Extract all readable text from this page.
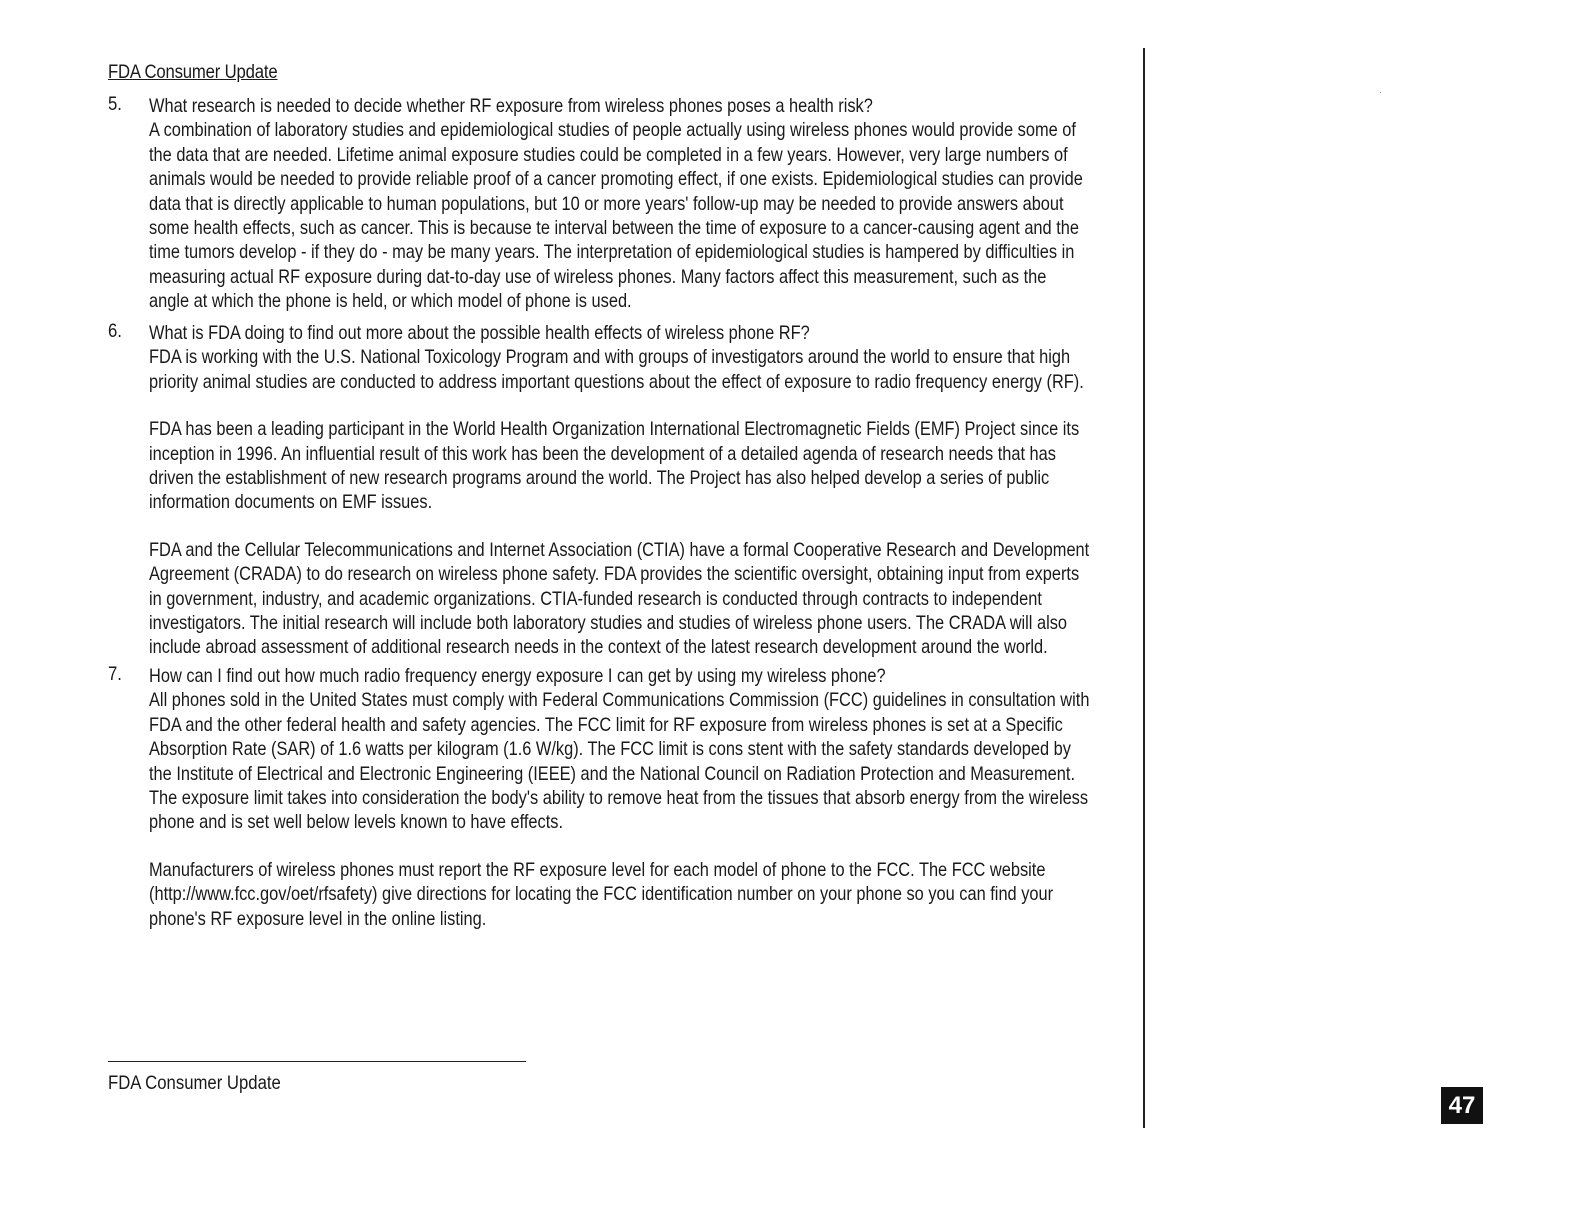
FDA Consumer Update
5. What research is needed to decide whether RF exposure from wireless phones poses a health risk?

A combination of laboratory studies and epidemiological studies of people actually using wireless phones would provide some of the data that are needed. Lifetime animal exposure studies could be completed in a few years. However, very large numbers of animals would be needed to provide reliable proof of a cancer promoting effect, if one exists. Epidemiological studies can provide data that is directly applicable to human populations, but 10 or more years' follow-up may be needed to provide answers about some health effects, such as cancer. This is because te interval between the time of exposure to a cancer-causing agent and the time tumors develop - if they do - may be many years. The interpretation of epidemiological studies is hampered by difficulties in measuring actual RF exposure during dat-to-day use of wireless phones. Many factors affect this measurement, such as the angle at which the phone is held, or which model of phone is used.

6. What is FDA doing to find out more about the possible health effects of wireless phone RF?

FDA is working with the U.S. National Toxicology Program and with groups of investigators around the world to ensure that high priority animal studies are conducted to address important questions about the effect of exposure to radio frequency energy (RF).

FDA has been a leading participant in the World Health Organization International Electromagnetic Fields (EMF) Project since its inception in 1996. An influential result of this work has been the development of a detailed agenda of research needs that has driven the establishment of new research programs around the world. The Project has also helped develop a series of public information documents on EMF issues.

FDA and the Cellular Telecommunications and Internet Association (CTIA) have a formal Cooperative Research and Development Agreement (CRADA) to do research on wireless phone safety. FDA provides the scientific oversight, obtaining input from experts in government, industry, and academic organizations. CTIA-funded research is conducted through contracts to independent investigators. The initial research will include both laboratory studies and studies of wireless phone users. The CRADA will also include abroad assessment of additional research needs in the context of the latest research development around the world.

7. How can I find out how much radio frequency energy exposure I can get by using my wireless phone?

All phones sold in the United States must comply with Federal Communications Commission (FCC) guidelines in consultation with FDA and the other federal health and safety agencies. The FCC limit for RF exposure from wireless phones is set at a Specific Absorption Rate (SAR) of 1.6 watts per kilogram (1.6 W/kg). The FCC limit is cons stent with the safety standards developed by the Institute of Electrical and Electronic Engineering (IEEE) and the National Council on Radiation Protection and Measurement. The exposure limit takes into consideration the body's ability to remove heat from the tissues that absorb energy from the wireless phone and is set well below levels known to have effects.

Manufacturers of wireless phones must report the RF exposure level for each model of phone to the FCC. The FCC website (http://www.fcc.gov/oet/rfsafety) give directions for locating the FCC identification number on your phone so you can find your phone's RF exposure level in the online listing.

FDA Consumer Update
47
